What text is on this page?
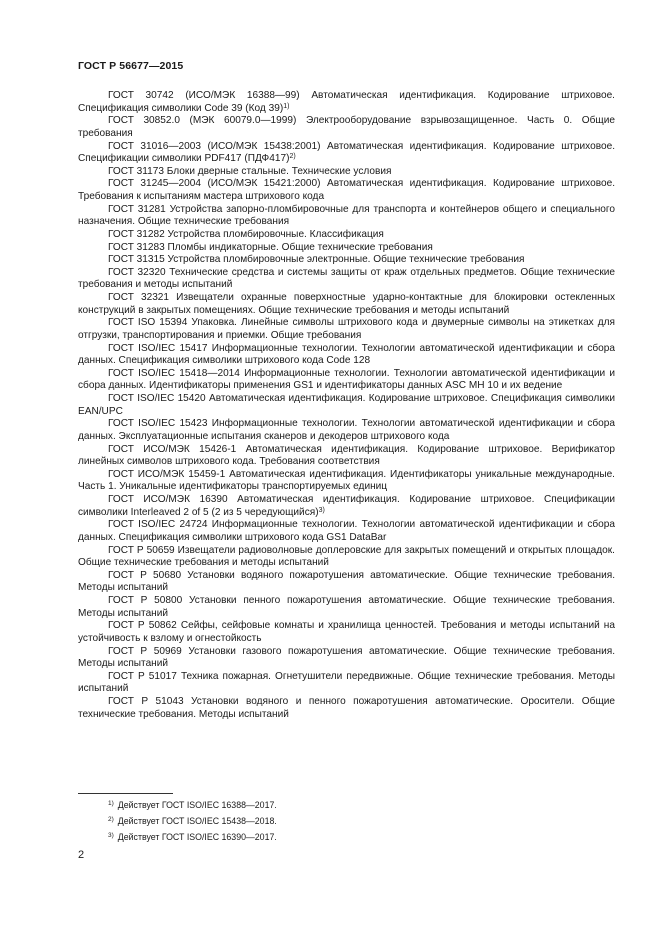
ГОСТ Р 56677—2015

ГОСТ 30742 (ИСО/МЭК 16388—99) Автоматическая идентификация. Кодирование штриховое. Спецификация символики Code 39 (Код 39)$^{1)}$

ГОСТ 30852.0 (МЭК 60079.0—1999) Электрооборудование взрывозащищенное. Часть 0. Общие требования

ГОСТ 31016—2003 (ИСО/МЭК 15438:2001) Автоматическая идентификация. Кодирование штриховое. Спецификации символики PDF417 $(ПДФ417)^{2)}$

ГОСТ 31173 Блоки дверные стальные. Технические условия

ГОСТ 31245—2004 (ИСО/МЭК 15421:2000) Автоматическая идентификация. Кодирование штриховое. Требования к испытаниям мастера штрихового кода

ГОСТ 31281 Устройства запорно-пломбировочные для транспорта и контейнеров общего и специального назначения. Общие технические требования

ГОСТ 31282 Устройства пломбировочные. Классификация

ГОСТ 31283 Пломбы индикаторные. Общие технические требования

ГОСТ 31315 Устройства пломбировочные электронные. Общие технические требования

ГОСТ 32320 Технические средства и системы защиты от краж отдельных предметов. Общие технические требования и методы испытаний

ГОСТ 32321 Извещатели охранные поверхностные ударно-контактные для блокировки остекленных конструкций в закрытых помещениях. Общие технические требования и методы испытаний

ГОСТ ISO 15394 Упаковка. Линейные символы штрихового кода и двумерные символы на этикетках для отгрузки, транспортирования и приемки. Общие требования

ГОСТ ISO/IEC 15417 Информационные технологии. Технологии автоматической идентификации и сбора данных. Спецификация символики штрихового кода Code 128

ГОСТ ISO/IEC 15418—2014 Информационные технологии. Технологии автоматической идентификации и сбора данных. Идентификаторы применения GS1 и идентификаторы данных ASC MH 10 и их ведение

ГОСТ ISO/IEC 15420 Автоматическая идентификация. Кодирование штриховое. Спецификация символики EAN/UPC

ГОСТ ISO/IEC 15423 Информационные технологии. Технологии автоматической идентификации и сбора данных. Эксплуатационные испытания сканеров и декодеров штрихового кода

ГОСТ ИСО/МЭК 15426-1 Автоматическая идентификация. Кодирование штриховое. Верификатор линейных символов штрихового кода. Требования соответствия

ГОСТ ИСО/МЭК 15459-1 Автоматическая идентификация. Идентификаторы уникальные международные. Часть 1. Уникальные идентификаторы транспортируемых единиц

ГОСТ ИСО/МЭК 16390 Автоматическая идентификация. Кодирование штриховое. Спецификации символики Interleaved 2 of 5 (2 из 5 чередующийся)$^{3)}$

ГОСТ ISO/IEC 24724 Информационные технологии. Технологии автоматической идентификации и сбора данных. Спецификация символики штрихового кода GS1 DataBar

ГОСТ Р 50659 Извещатели радиоволновые доплеровские для закрытых помещений и открытых площадок. Общие технические требования и методы испытаний

ГОСТ Р 50680 Установки водяного пожаротушения автоматические. Общие технические требования. Методы испытаний

ГОСТ Р 50800 Установки пенного пожаротушения автоматические. Общие технические требования. Методы испытаний

ГОСТ Р 50862 Сейфы, сейфовые комнаты и хранилища ценностей. Требования и методы испытаний на устойчивость к взлому и огнестойкость

ГОСТ Р 50969 Установки газового пожаротушения автоматические. Общие технические требования. Методы испытаний

ГОСТ Р 51017 Техника пожарная. Огнетушители передвижные. Общие технические требования. Методы испытаний

ГОСТ Р 51043 Установки водяного и пенного пожаротушения автоматические. Оросители. Общие технические требования. Методы испытаний

$^{1)}$ Действует ГОСТ ISO/IEC 16388—2017.
$^{2)}$ Действует ГОСТ ISO/IEC 15438—2018.
$^{3)}$ Действует ГОСТ ISO/IEC 16390—2017.
2
